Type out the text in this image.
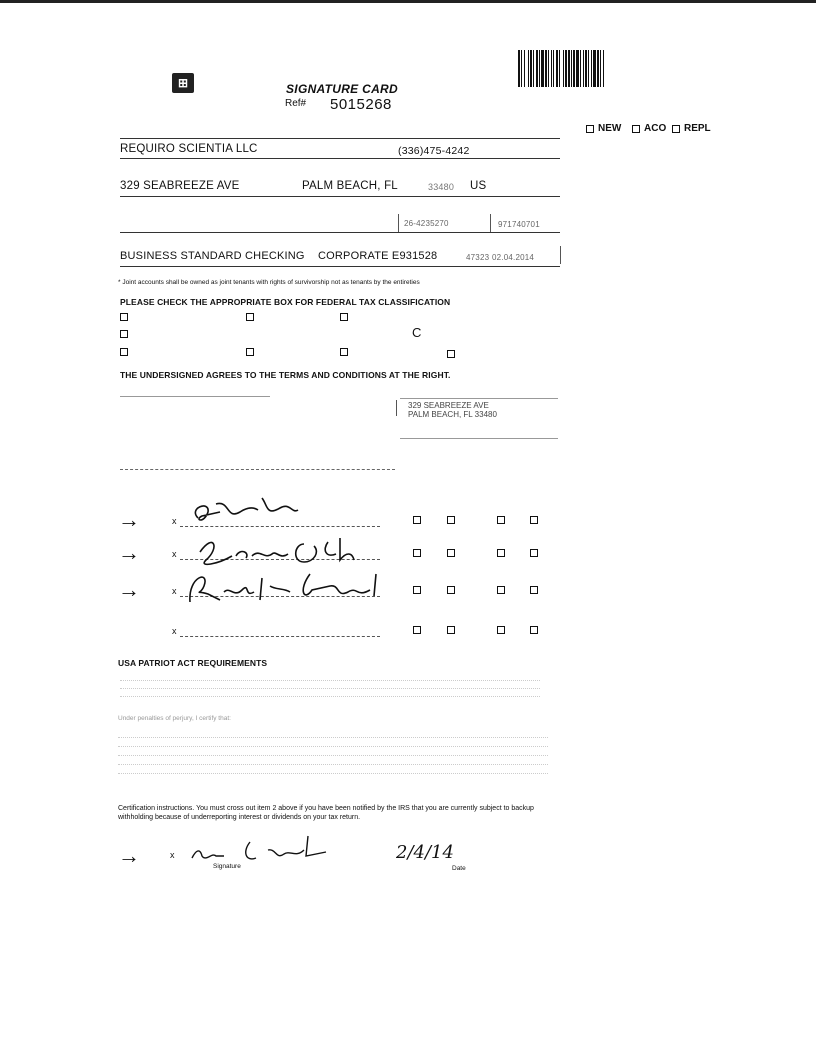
⊞	SIGNATURE CARD
Ref# 5015268
NEW ACO REPL
REQUIRO SCIENTIA LLC	(336)475-4242
329 SEABREEZE AVE	PALM BEACH, FL	33480 US
26-4235270	971740701
BUSINESS STANDARD CHECKING CORPORATE E931528	47323 02.04.2014
* Joint accounts shall be owned as joint tenants with rights of survivorship not as tenants by the entireties
PLEASE CHECK THE APPROPRIATE BOX FOR FEDERAL TAX CLASSIFICATION
C
THE UNDERSIGNED AGREES TO THE TERMS AND CONDITIONS AT THE RIGHT.
329 SEABREEZE AVE
PALM BEACH, FL 33480
→	x
→	x
→	x
x
USA PATRIOT ACT REQUIREMENTS
Under penalties of perjury, I certify that:
Certification instructions. You must cross out item 2 above if you have been notified by the IRS that you are currently subject to backup withholding because of underreporting interest or dividends on your tax return.
→	x
Signature
2/4/14
Date
